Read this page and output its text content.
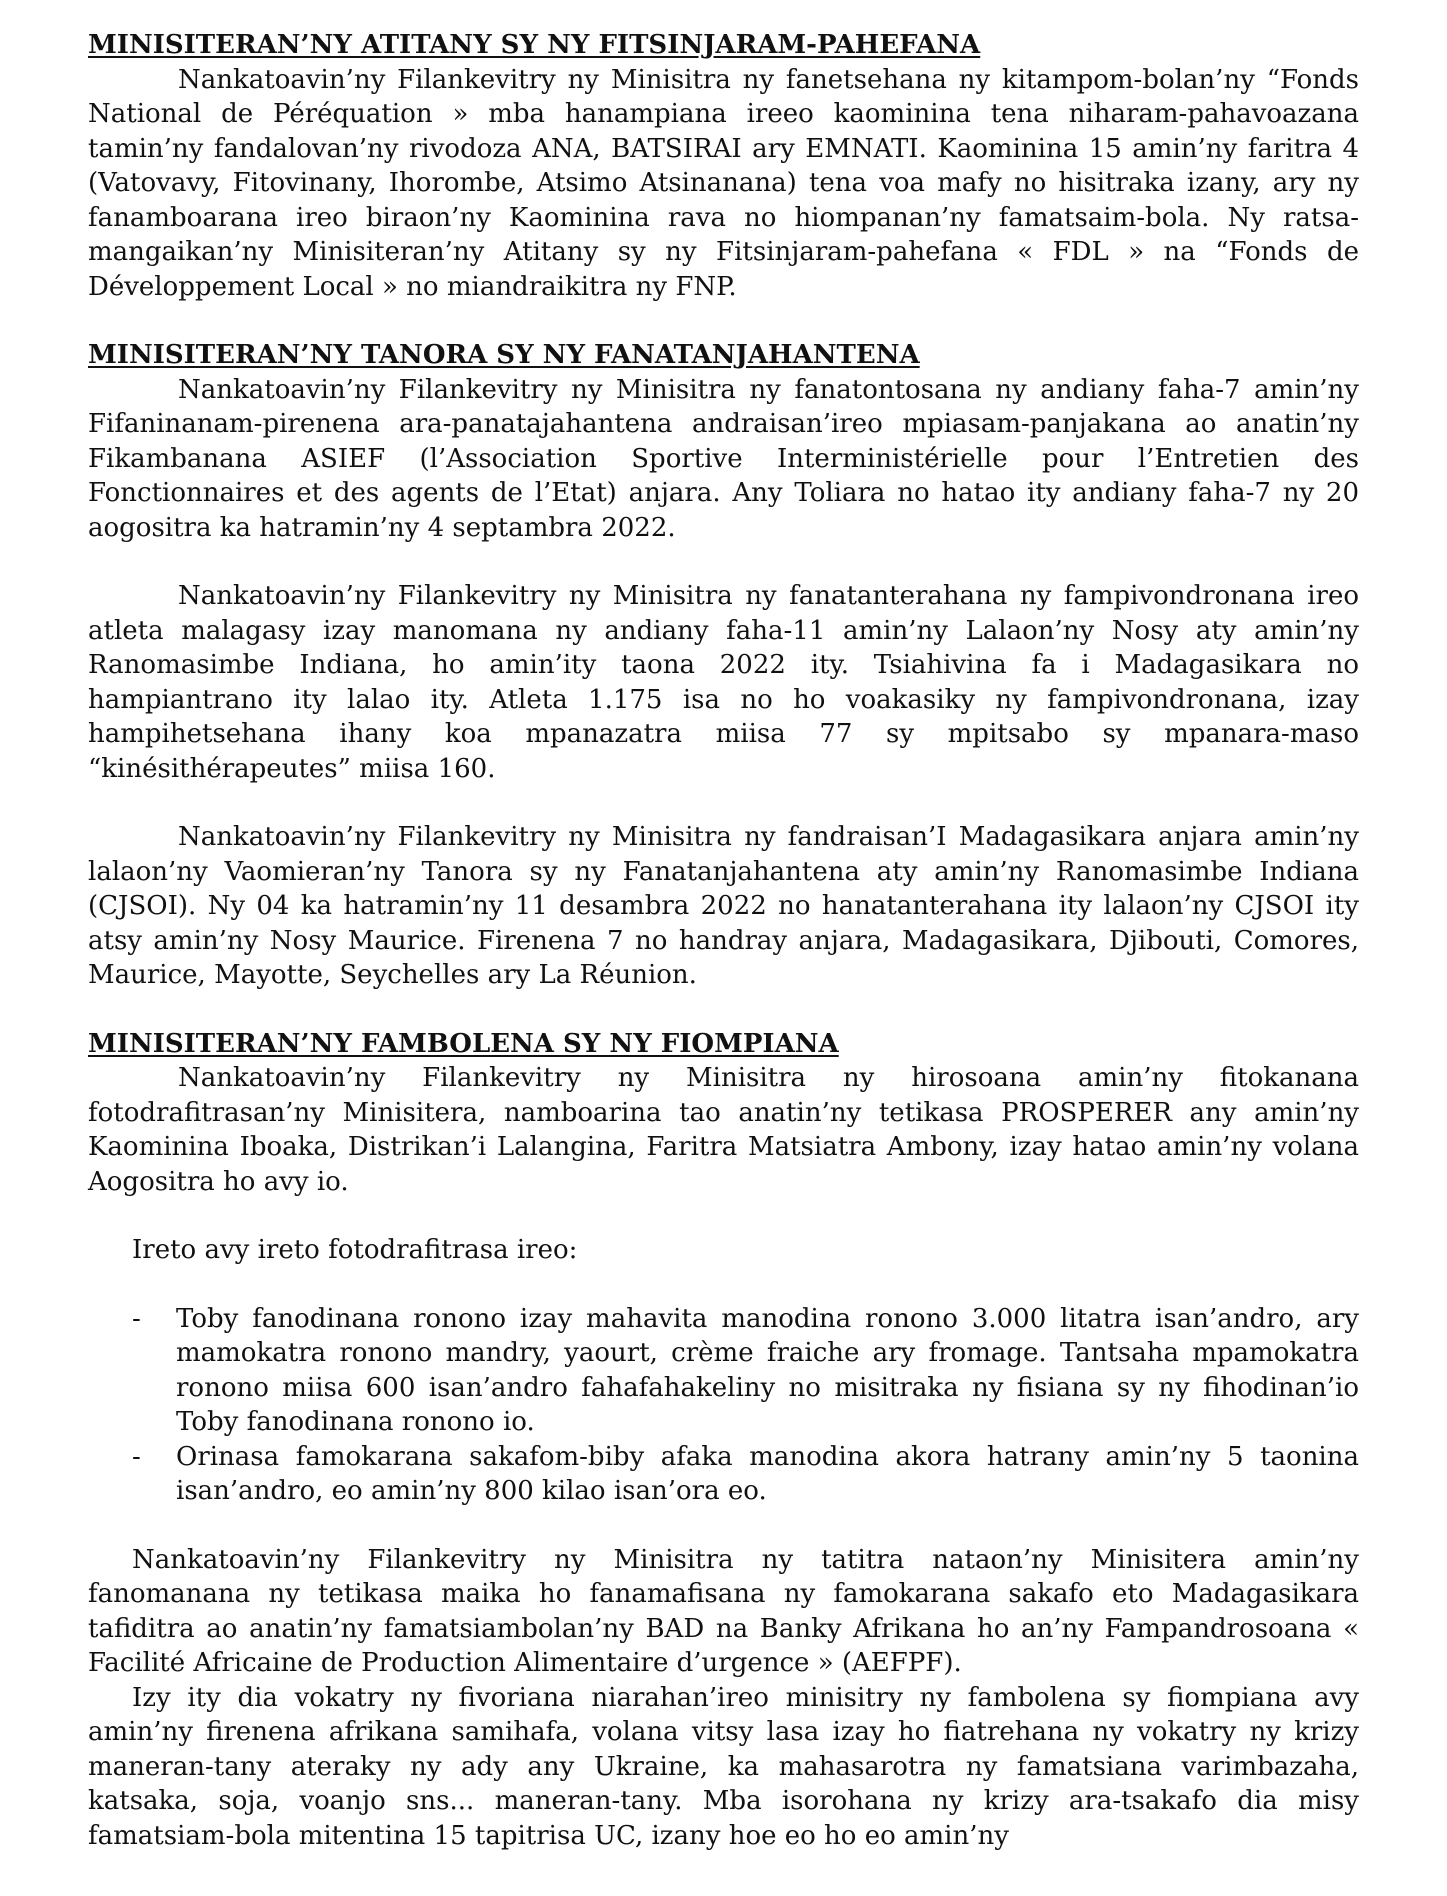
MINISITERAN’NY ATITANY SY NY FITSINJARAM-PAHEFANA

Nankatoavin’ny Filankevitry ny Minisitra ny fanetsehana ny kitampom-bolan’ny “Fonds National de Péréquation » mba hanampiana ireeo kaominina tena niharam-pahavoazana tamin’ny fandalovan’ny rivodoza ANA, BATSIRAI ary EMNATI. Kaominina 15 amin’ny faritra 4 (Vatovavy, Fitovinany, Ihorombe, Atsimo Atsinanana) tena voa mafy no hisitraka izany, ary ny fanamboarana ireo biraon’ny Kaominina rava no hiompanan’ny famatsaim-bola. Ny ratsa-mangaikan’ny Minisiteran’ny Atitany sy ny Fitsinjaram-pahefana « FDL » na “Fonds de Développement Local » no miandraikitra ny FNP.

MINISITERAN’NY TANORA SY NY FANATANJAHANTENA

Nankatoavin’ny Filankevitry ny Minisitra ny fanatontosana ny andiany faha-7 amin’ny Fifaninanam-pirenena ara-panatajahantena andraisan’ireo mpiasam-panjakana ao anatin’ny Fikambanana ASIEF (l’Association Sportive Interministérielle pour l’Entretien des Fonctionnaires et des agents de l’Etat) anjara. Any Toliara no hatao ity andiany faha-7 ny 20 aogositra ka hatramin’ny 4 septambra 2022.

Nankatoavin’ny Filankevitry ny Minisitra ny fanatanterahana ny fampivondronana ireo atleta malagasy izay manomana ny andiany faha-11 amin’ny Lalaon’ny Nosy aty amin’ny Ranomasimbe Indiana, ho amin’ity taona 2022 ity. Tsiahivina fa i Madagasikara no hampiantrano ity lalao ity. Atleta 1.175 isa no ho voakasiky ny fampivondronana, izay hampihetsehana ihany koa mpanazatra miisa 77 sy mpitsabo sy mpanara-maso “kinésithérapeutes” miisa 160.

Nankatoavin’ny Filankevitry ny Minisitra ny fandraisan’I Madagasikara anjara amin’ny lalaon’ny Vaomieran’ny Tanora sy ny Fanatanjahantena aty amin’ny Ranomasimbe Indiana (CJSOI). Ny 04 ka hatramin’ny 11 desambra 2022 no hanatanterahana ity lalaon’ny CJSOI ity atsy amin’ny Nosy Maurice. Firenena 7 no handray anjara, Madagasikara, Djibouti, Comores, Maurice, Mayotte, Seychelles ary La Réunion.

MINISITERAN’NY FAMBOLENA SY NY FIOMPIANA

Nankatoavin’ny Filankevitry ny Minisitra ny hirosoana amin’ny fitokanana fotodrafitrasan’ny Minisitera, namboarina tao anatin’ny tetikasa PROSPERER any amin’ny Kaominina Iboaka, Distrikan’i Lalangina, Faritra Matsiatra Ambony, izay hatao amin’ny volana Aogositra ho avy io.

Ireto avy ireto fotodrafitrasa ireo:

- Toby fanodinana ronono izay mahavita manodina ronono 3.000 litatra isan’andro, ary mamokatra ronono mandry, yaourt, crème fraiche ary fromage. Tantsaha mpamokatra ronono miisa 600 isan’andro fahafahakeliny no misitraka ny fisiana sy ny fihodinan’io Toby fanodinana ronono io.
- Orinasa famokarana sakafom-biby afaka manodina akora hatrany amin’ny 5 taonina isan’andro, eo amin’ny 800 kilao isan’ora eo.

Nankatoavin’ny Filankevitry ny Minisitra ny tatitra nataon’ny Minisitera amin’ny fanomanana ny tetikasa maika ho fanamafisana ny famokarana sakafo eto Madagasikara tafiditra ao anatin’ny famatsiambolan’ny BAD na Banky Afrikana ho an’ny Fampandrosoana « Facilité Africaine de Production Alimentaire d’urgence » (AEFPF).

Izy ity dia vokatry ny fivoriana niarahan’ireo minisitry ny fambolena sy fiompiana avy amin’ny firenena afrikana samihafa, volana vitsy lasa izay ho fiatrehana ny vokatry ny krizy maneran-tany ateraky ny ady any Ukraine, ka mahasarotra ny famatsiana varimbazaha, katsaka, soja, voanjo sns... maneran-tany. Mba isorohana ny krizy ara-tsakafo dia misy famatsiam-bola mitentina 15 tapitrisa UC, izany hoe eo ho eo amin’ny
